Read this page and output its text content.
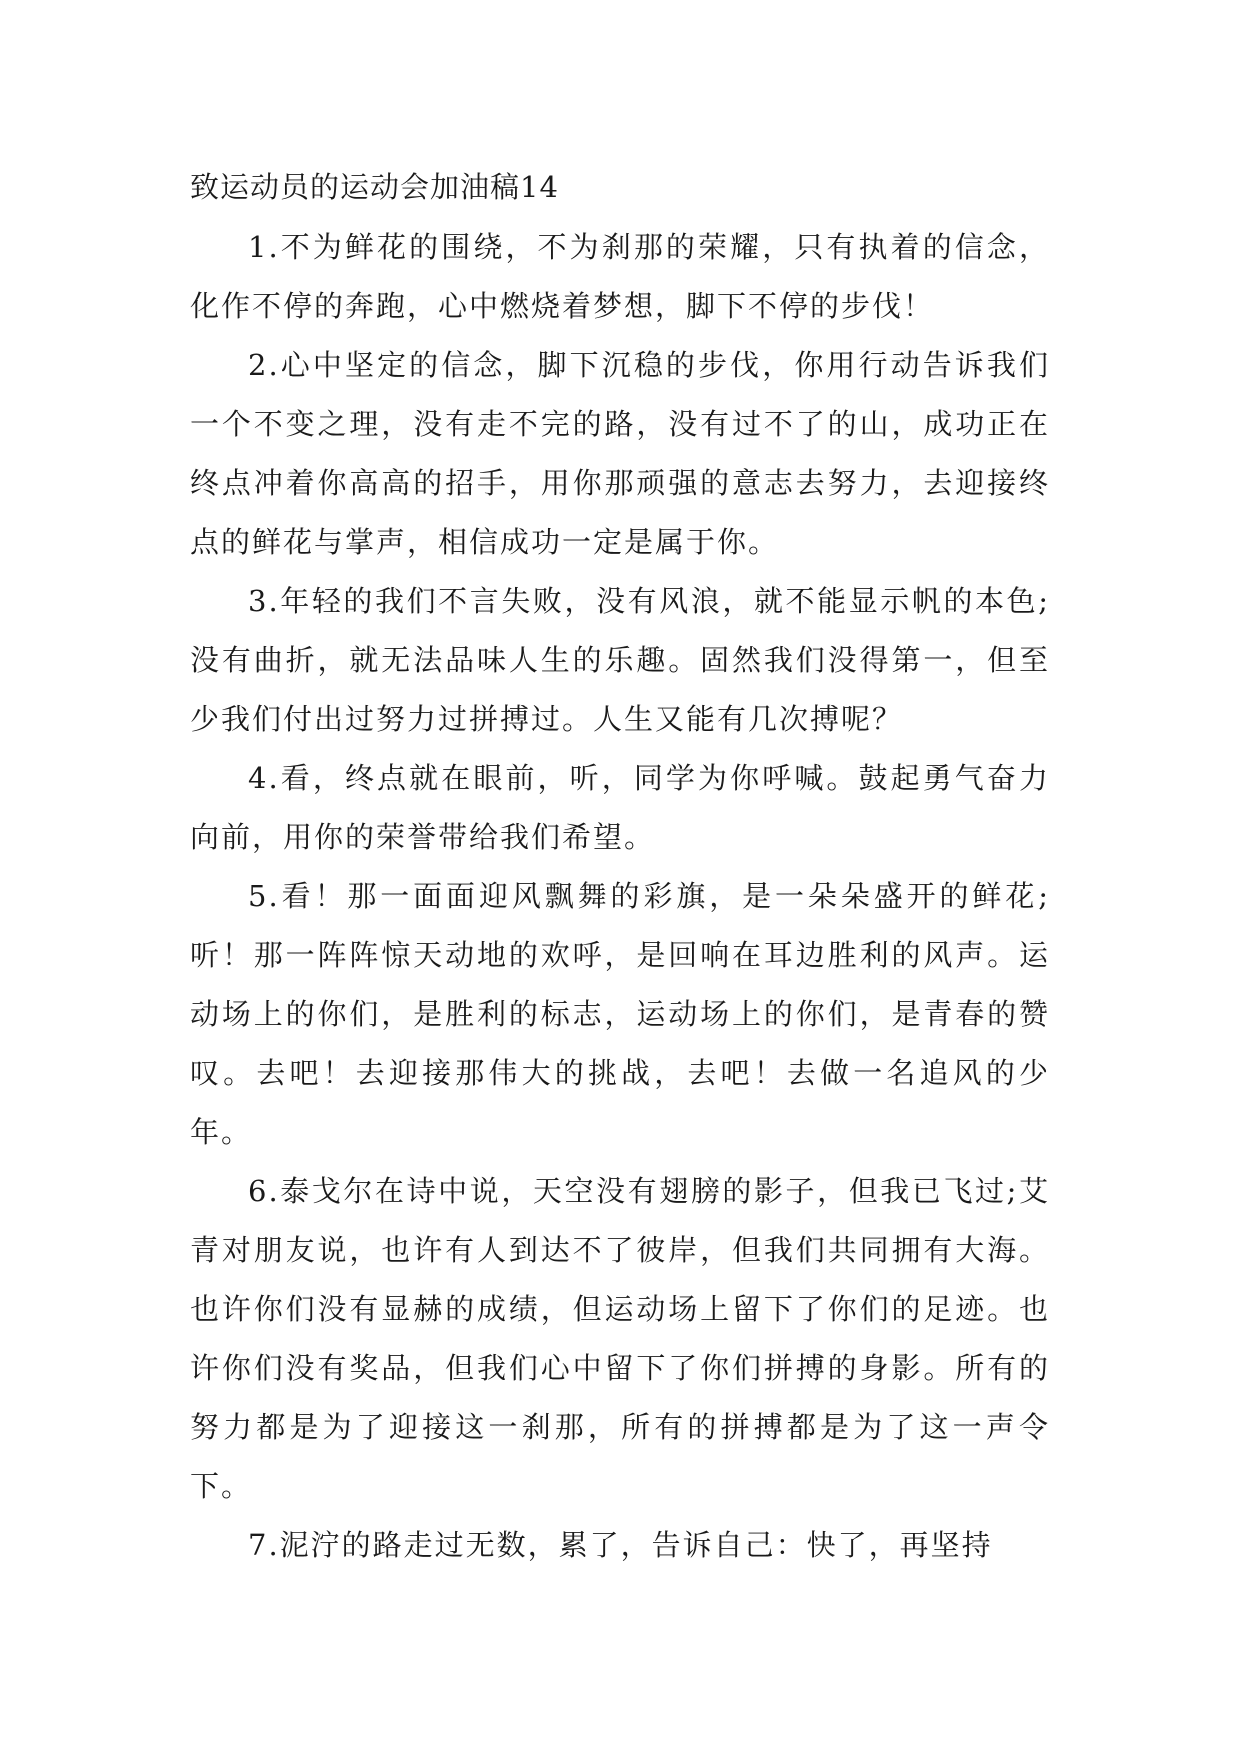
致运动员的运动会加油稿14

1.不为鲜花的围绕，不为刹那的荣耀，只有执着的信念，化作不停的奔跑，心中燃烧着梦想，脚下不停的步伐！

2.心中坚定的信念，脚下沉稳的步伐，你用行动告诉我们一个不变之理，没有走不完的路，没有过不了的山，成功正在终点冲着你高高的招手，用你那顽强的意志去努力，去迎接终点的鲜花与掌声，相信成功一定是属于你。

3.年轻的我们不言失败，没有风浪，就不能显示帆的本色;没有曲折，就无法品味人生的乐趣。固然我们没得第一，但至少我们付出过努力过拼搏过。人生又能有几次搏呢？

4.看，终点就在眼前，听，同学为你呼喊。鼓起勇气奋力向前，用你的荣誉带给我们希望。

5.看！那一面面迎风飘舞的彩旗，是一朵朵盛开的鲜花;听！那一阵阵惊天动地的欢呼，是回响在耳边胜利的风声。运动场上的你们，是胜利的标志，运动场上的你们，是青春的赞叹。去吧！去迎接那伟大的挑战，去吧！去做一名追风的少年。

6.泰戈尔在诗中说，天空没有翅膀的影子，但我已飞过;艾青对朋友说，也许有人到达不了彼岸，但我们共同拥有大海。也许你们没有显赫的成绩，但运动场上留下了你们的足迹。也许你们没有奖品，但我们心中留下了你们拼搏的身影。所有的努力都是为了迎接这一刹那，所有的拼搏都是为了这一声令下。

7.泥泞的路走过无数，累了，告诉自己：快了，再坚持
